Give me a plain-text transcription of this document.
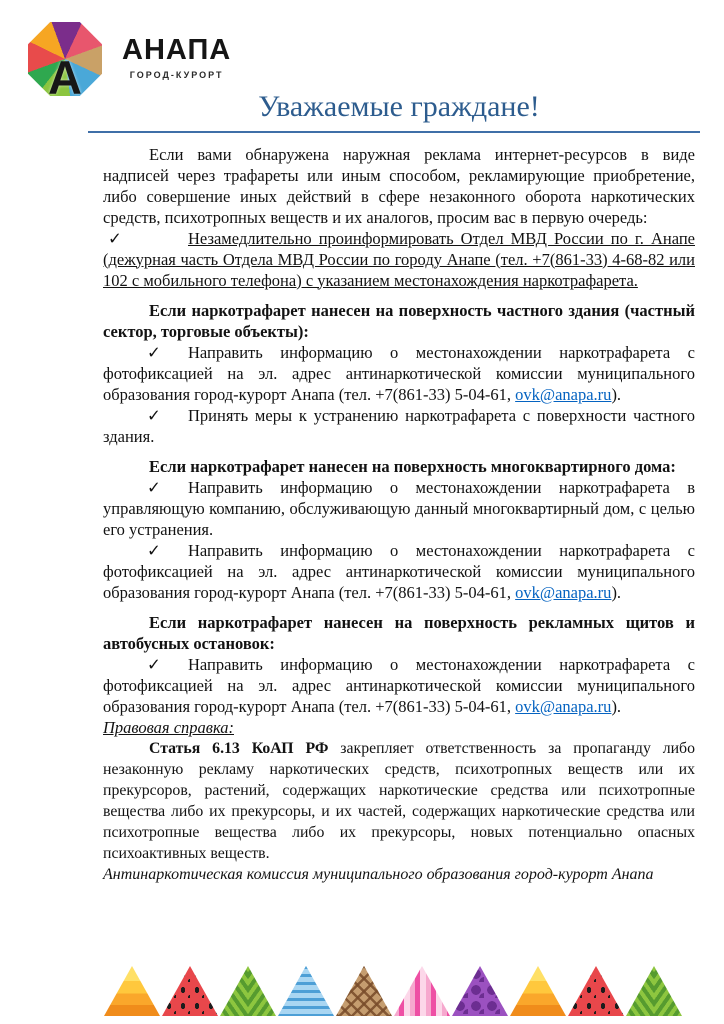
А
АНАПА
ГОРОД-КУРОРТ
Уважаемые граждане!

Если вами обнаружена наружная реклама интернет-ресурсов в виде надписей через трафареты или иным способом, рекламирующие приобретение, либо совершение иных действий в сфере незаконного оборота наркотических средств, психотропных веществ и их аналогов, просим вас в первую очередь:

✓	Незамедлительно проинформировать Отдел МВД России по г. Анапе (дежурная часть Отдела МВД России по городу Анапе (тел. +7(861-33) 4-68-82 или 102 с мобильного телефона) с указанием местонахождения наркотрафарета.

Если наркотрафарет нанесен на поверхность частного здания (частный сектор, торговые объекты):

✓ Направить информацию о местонахождении наркотрафарета с фотофиксацией на эл. адрес антинаркотической комиссии муниципального образования город-курорт Анапа (тел. +7(861-33) 5-04-61, ovk@anapa.ru).

✓ Принять меры к устранению наркотрафарета с поверхности частного здания.

Если наркотрафарет нанесен на поверхность многоквартирного дома:

✓ Направить информацию о местонахождении наркотрафарета в управляющую компанию, обслуживающую данный многоквартирный дом, с целью его устранения.

✓ Направить информацию о местонахождении наркотрафарета с фотофиксацией на эл. адрес антинаркотической комиссии муниципального образования город-курорт Анапа (тел. +7(861-33) 5-04-61, ovk@anapa.ru).

Если наркотрафарет нанесен на поверхность рекламных щитов и автобусных остановок:

✓ Направить информацию о местонахождении наркотрафарета с фотофиксацией на эл. адрес антинаркотической комиссии муниципального образования город-курорт Анапа (тел. +7(861-33) 5-04-61, ovk@anapa.ru).

Правовая справка:

Статья 6.13 КоАП РФ закрепляет ответственность за пропаганду либо незаконную рекламу наркотических средств, психотропных веществ или их прекурсоров, растений, содержащих наркотические средства или психотропные вещества либо их прекурсоры, и их частей, содержащих наркотические средства или психотропные вещества либо их прекурсоры, новых потенциально опасных психоактивных веществ.

Антинаркотическая комиссия муниципального образования город-курорт Анапа
